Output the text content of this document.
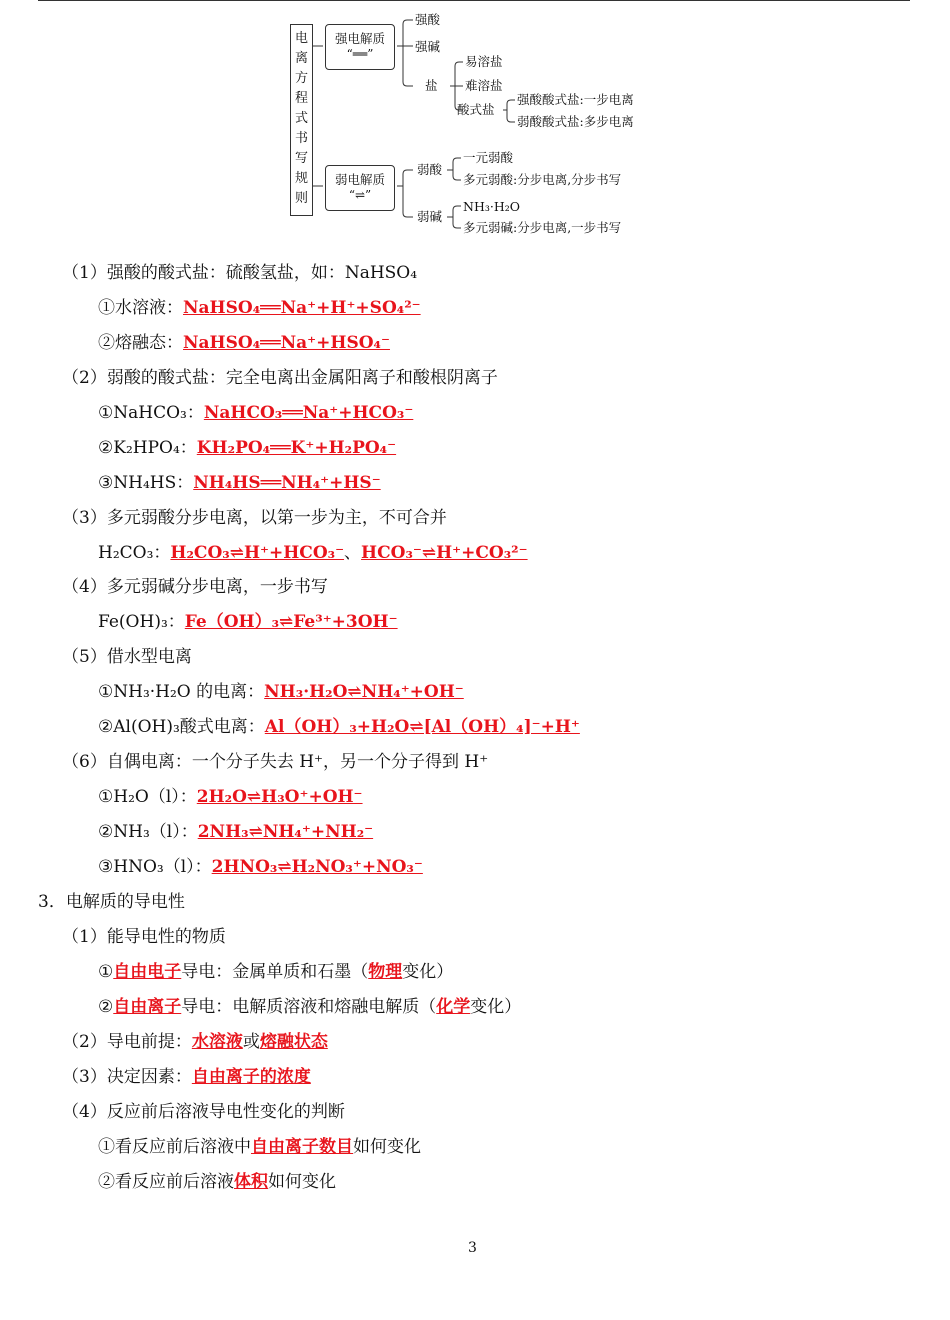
电离方程式书写规则
强电解质
“══”
弱电解质
“⇌”
强酸
强碱
盐
易溶盐
难溶盐
酸式盐
强酸酸式盐:一步电离
弱酸酸式盐:多步电离
弱酸
弱碱
一元弱酸
多元弱酸:分步电离,分步书写
NH₃·H₂O
多元弱碱:分步电离,一步书写
（1）强酸的酸式盐：硫酸氢盐，如：NaHSO₄
①水溶液：NaHSO₄══Na⁺+H⁺+SO₄²⁻
②熔融态：NaHSO₄══Na⁺+HSO₄⁻
（2）弱酸的酸式盐：完全电离出金属阳离子和酸根阴离子
①NaHCO₃：NaHCO₃══Na⁺+HCO₃⁻
②K₂HPO₄：KH₂PO₄══K⁺+H₂PO₄⁻
③NH₄HS：NH₄HS══NH₄⁺+HS⁻
（3）多元弱酸分步电离，以第一步为主，不可合并
H₂CO₃：H₂CO₃⇌H⁺+HCO₃⁻、HCO₃⁻⇌H⁺+CO₃²⁻
（4）多元弱碱分步电离，一步书写
Fe(OH)₃：Fe（OH）₃⇌Fe³⁺+3OH⁻
（5）借水型电离
①NH₃·H₂O 的电离：NH₃·H₂O⇌NH₄⁺+OH⁻
②Al(OH)₃酸式电离：Al（OH）₃+H₂O⇌[Al（OH）₄]⁻+H⁺
（6）自偶电离：一个分子失去 H⁺，另一个分子得到 H⁺
①H₂O（l）：2H₂O⇌H₃O⁺+OH⁻
②NH₃（l）：2NH₃⇌NH₄⁺+NH₂⁻
③HNO₃（l）：2HNO₃⇌H₂NO₃⁺+NO₃⁻
3．电解质的导电性
（1）能导电性的物质
①自由电子导电：金属单质和石墨（物理变化）
②自由离子导电：电解质溶液和熔融电解质（化学变化）
（2）导电前提：水溶液或熔融状态
（3）决定因素：自由离子的浓度
（4）反应前后溶液导电性变化的判断
①看反应前后溶液中自由离子数目如何变化
②看反应前后溶液体积如何变化
3
